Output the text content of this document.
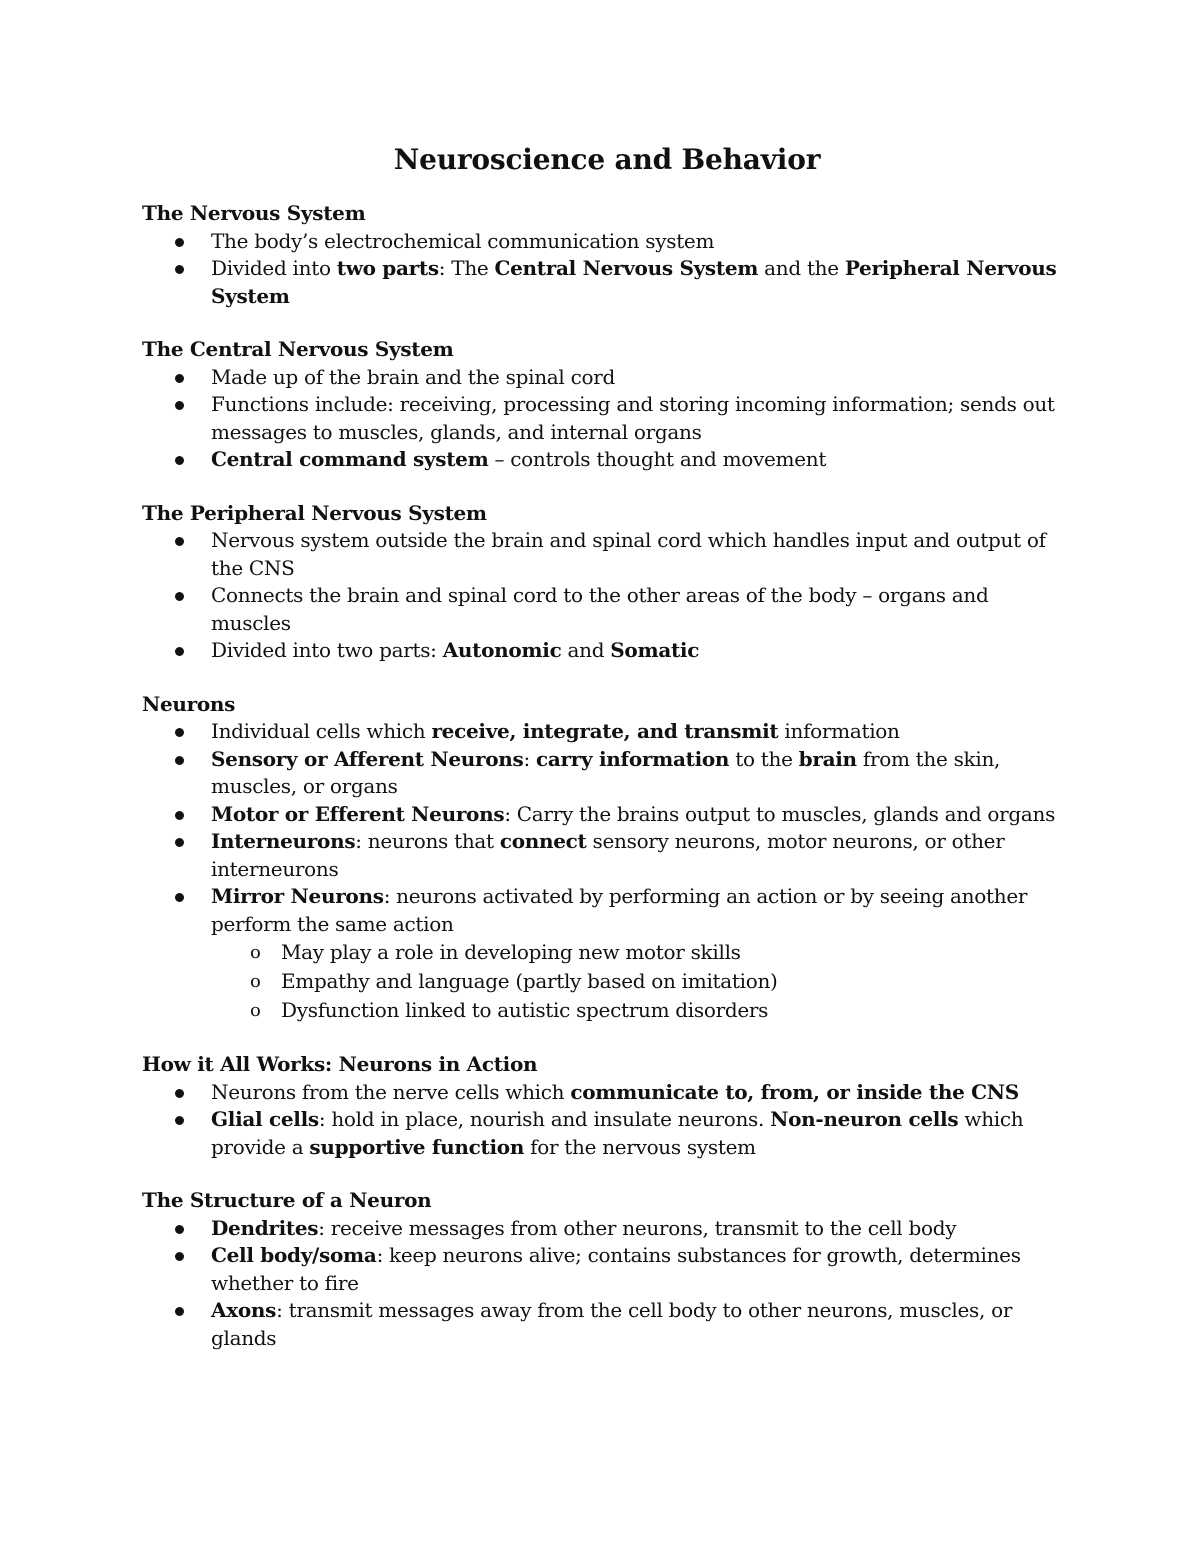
Neuroscience and Behavior
The Nervous System
The body’s electrochemical communication system
Divided into two parts: The Central Nervous System and the Peripheral Nervous System
The Central Nervous System
Made up of the brain and the spinal cord
Functions include: receiving, processing and storing incoming information; sends out messages to muscles, glands, and internal organs
Central command system – controls thought and movement
The Peripheral Nervous System
Nervous system outside the brain and spinal cord which handles input and output of the CNS
Connects the brain and spinal cord to the other areas of the body – organs and muscles
Divided into two parts: Autonomic and Somatic
Neurons
Individual cells which receive, integrate, and transmit information
Sensory or Afferent Neurons: carry information to the brain from the skin, muscles, or organs
Motor or Efferent Neurons: Carry the brains output to muscles, glands and organs
Interneurons: neurons that connect sensory neurons, motor neurons, or other interneurons
Mirror Neurons: neurons activated by performing an action or by seeing another perform the same action
o May play a role in developing new motor skills
o Empathy and language (partly based on imitation)
o Dysfunction linked to autistic spectrum disorders
How it All Works: Neurons in Action
Neurons from the nerve cells which communicate to, from, or inside the CNS
Glial cells: hold in place, nourish and insulate neurons. Non-neuron cells which provide a supportive function for the nervous system
The Structure of a Neuron
Dendrites: receive messages from other neurons, transmit to the cell body
Cell body/soma: keep neurons alive; contains substances for growth, determines whether to fire
Axons: transmit messages away from the cell body to other neurons, muscles, or glands
